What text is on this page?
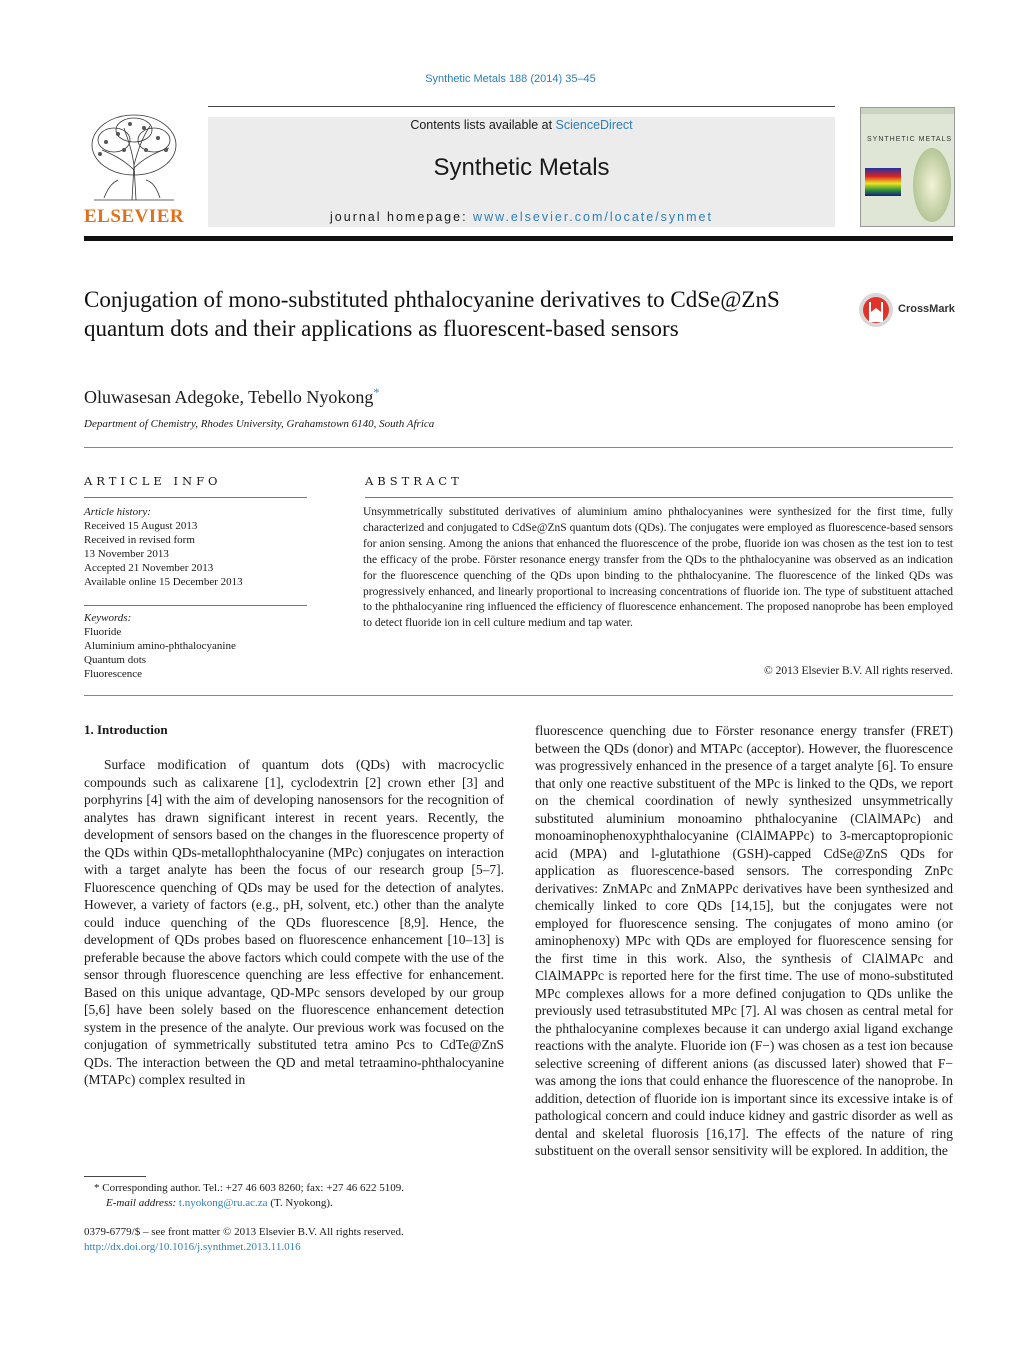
Synthetic Metals 188 (2014) 35–45
ELSEVIER
Contents lists available at ScienceDirect
Synthetic Metals
journal homepage: www.elsevier.com/locate/synmet
SYNTHETIC METALS
Conjugation of mono-substituted phthalocyanine derivatives to CdSe@ZnS quantum dots and their applications as fluorescent-based sensors
CrossMark
Oluwasesan Adegoke, Tebello Nyokong*
Department of Chemistry, Rhodes University, Grahamstown 6140, South Africa
ARTICLE INFO	ABSTRACT
Article history:
Received 15 August 2013
Received in revised form
13 November 2013
Accepted 21 November 2013
Available online 15 December 2013
Keywords:
Fluoride
Aluminium amino-phthalocyanine
Quantum dots
Fluorescence
Unsymmetrically substituted derivatives of aluminium amino phthalocyanines were synthesized for the first time, fully characterized and conjugated to CdSe@ZnS quantum dots (QDs). The conjugates were employed as fluorescence-based sensors for anion sensing. Among the anions that enhanced the fluorescence of the probe, fluoride ion was chosen as the test ion to test the efficacy of the probe. Förster resonance energy transfer from the QDs to the phthalocyanine was observed as an indication for the fluorescence quenching of the QDs upon binding to the phthalocyanine. The fluorescence of the linked QDs was progressively enhanced, and linearly proportional to increasing concentrations of fluoride ion. The type of substituent attached to the phthalocyanine ring influenced the efficiency of fluorescence enhancement. The proposed nanoprobe has been employed to detect fluoride ion in cell culture medium and tap water.
© 2013 Elsevier B.V. All rights reserved.
1. Introduction
Surface modification of quantum dots (QDs) with macrocyclic compounds such as calixarene [1], cyclodextrin [2] crown ether [3] and porphyrins [4] with the aim of developing nanosensors for the recognition of analytes has drawn significant interest in recent years. Recently, the development of sensors based on the changes in the fluorescence property of the QDs within QDs-metallophthalocyanine (MPc) conjugates on interaction with a target analyte has been the focus of our research group [5–7]. Fluorescence quenching of QDs may be used for the detection of analytes. However, a variety of factors (e.g., pH, solvent, etc.) other than the analyte could induce quenching of the QDs fluorescence [8,9]. Hence, the development of QDs probes based on fluorescence enhancement [10–13] is preferable because the above factors which could compete with the use of the sensor through fluorescence quenching are less effective for enhancement. Based on this unique advantage, QD-MPc sensors developed by our group [5,6] have been solely based on the fluorescence enhancement detection system in the presence of the analyte. Our previous work was focused on the conjugation of symmetrically substituted tetra amino Pcs to CdTe@ZnS QDs. The interaction between the QD and metal tetraamino-phthalocyanine (MTAPc) complex resulted in
fluorescence quenching due to Förster resonance energy transfer (FRET) between the QDs (donor) and MTAPc (acceptor). However, the fluorescence was progressively enhanced in the presence of a target analyte [6]. To ensure that only one reactive substituent of the MPc is linked to the QDs, we report on the chemical coordination of newly synthesized unsymmetrically substituted aluminium monoamino phthalocyanine (ClAlMAPc) and monoaminophenoxyphthalocyanine (ClAlMAPPc) to 3-mercaptopropionic acid (MPA) and l-glutathione (GSH)-capped CdSe@ZnS QDs for application as fluorescence-based sensors. The corresponding ZnPc derivatives: ZnMAPc and ZnMAPPc derivatives have been synthesized and chemically linked to core QDs [14,15], but the conjugates were not employed for fluorescence sensing. The conjugates of mono amino (or aminophenoxy) MPc with QDs are employed for fluorescence sensing for the first time in this work. Also, the synthesis of ClAlMAPc and ClAlMAPPc is reported here for the first time. The use of mono-substituted MPc complexes allows for a more defined conjugation to QDs unlike the previously used tetrasubstituted MPc [7]. Al was chosen as central metal for the phthalocyanine complexes because it can undergo axial ligand exchange reactions with the analyte. Fluoride ion (F−) was chosen as a test ion because selective screening of different anions (as discussed later) showed that F− was among the ions that could enhance the fluorescence of the nanoprobe. In addition, detection of fluoride ion is important since its excessive intake is of pathological concern and could induce kidney and gastric disorder as well as dental and skeletal fluorosis [16,17]. The effects of the nature of ring substituent on the overall sensor sensitivity will be explored. In addition, the
* Corresponding author. Tel.: +27 46 603 8260; fax: +27 46 622 5109.
E-mail address: t.nyokong@ru.ac.za (T. Nyokong).
0379-6779/$ – see front matter © 2013 Elsevier B.V. All rights reserved.
http://dx.doi.org/10.1016/j.synthmet.2013.11.016
